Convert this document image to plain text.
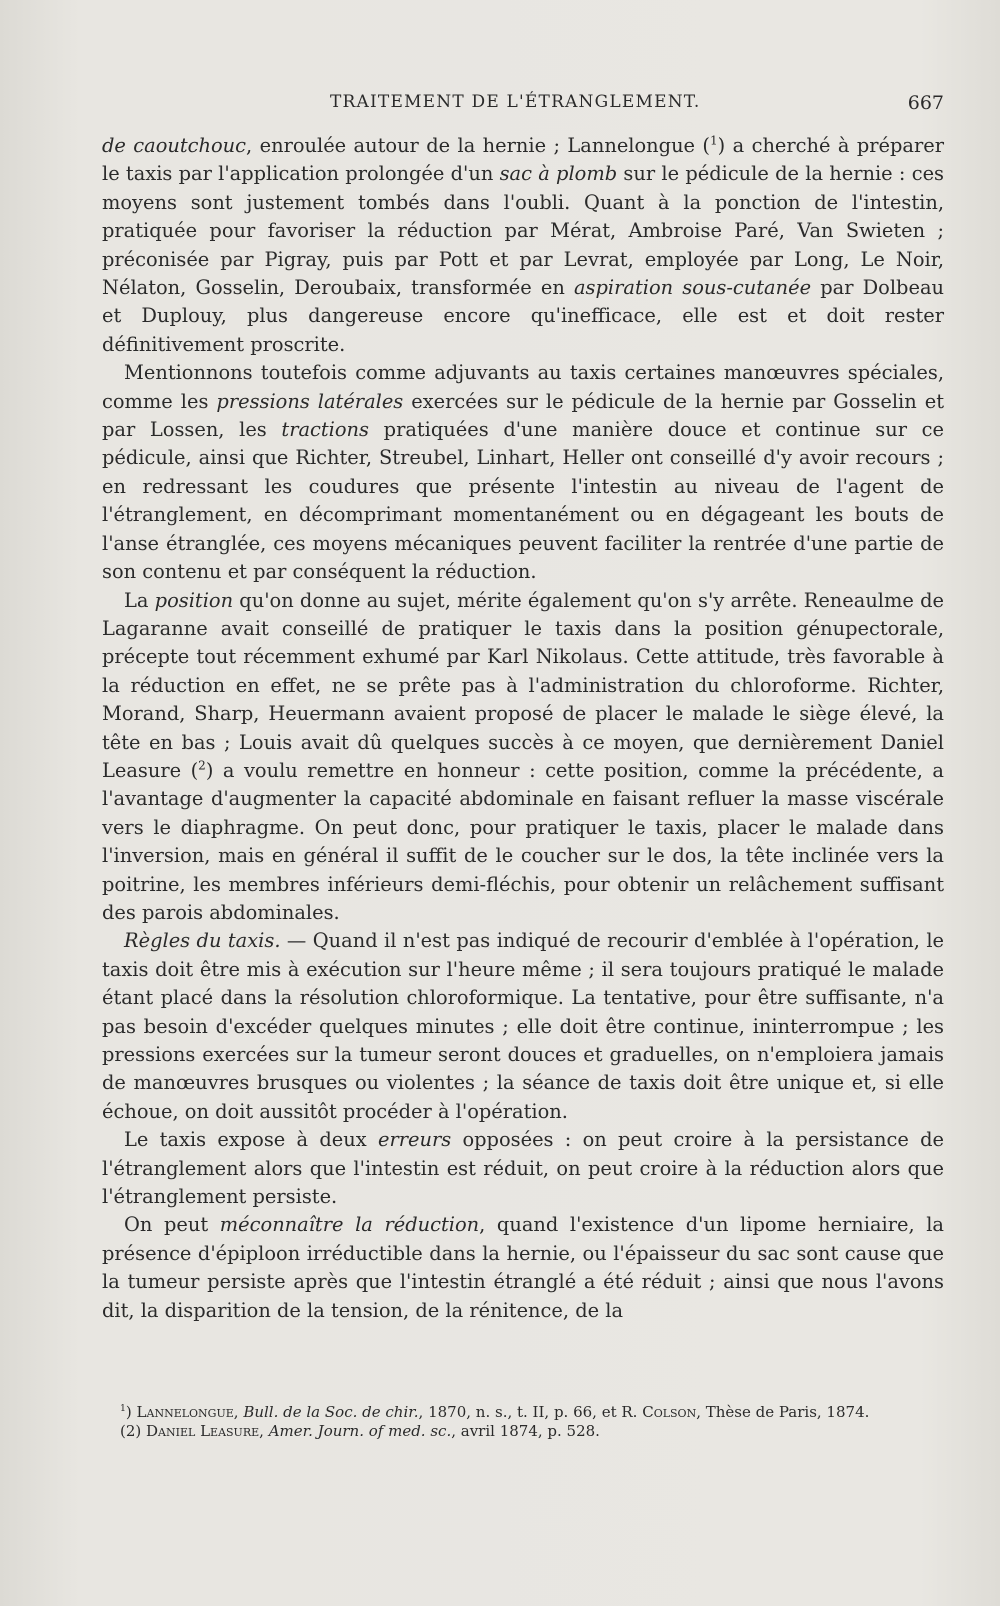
TRAITEMENT DE L'ÉTRANGLEMENT.	667

de caoutchouc, enroulée autour de la hernie ; Lannelongue ($^1$) a cherché à préparer le taxis par l'application prolongée d'un sac à plomb sur le pédicule de la hernie : ces moyens sont justement tombés dans l'oubli. Quant à la ponction de l'intestin, pratiquée pour favoriser la réduction par Mérat, Ambroise Paré, Van Swieten ; préconisée par Pigray, puis par Pott et par Levrat, employée par Long, Le Noir, Nélaton, Gosselin, Deroubaix, transformée en aspiration sous-cutanée par Dolbeau et Duplouy, plus dangereuse encore qu'inefficace, elle est et doit rester définitivement proscrite.

Mentionnons toutefois comme adjuvants au taxis certaines manœuvres spéciales, comme les pressions latérales exercées sur le pédicule de la hernie par Gosselin et par Lossen, les tractions pratiquées d'une manière douce et continue sur ce pédicule, ainsi que Richter, Streubel, Linhart, Heller ont conseillé d'y avoir recours ; en redressant les coudures que présente l'intestin au niveau de l'agent de l'étranglement, en décomprimant momentanément ou en dégageant les bouts de l'anse étranglée, ces moyens mécaniques peuvent faciliter la rentrée d'une partie de son contenu et par conséquent la réduction.

La position qu'on donne au sujet, mérite également qu'on s'y arrête. Reneaulme de Lagaranne avait conseillé de pratiquer le taxis dans la position génupectorale, précepte tout récemment exhumé par Karl Nikolaus. Cette attitude, très favorable à la réduction en effet, ne se prête pas à l'administration du chloroforme. Richter, Morand, Sharp, Heuermann avaient proposé de placer le malade le siège élevé, la tête en bas ; Louis avait dû quelques succès à ce moyen, que dernièrement Daniel Leasure ($^2$) a voulu remettre en honneur : cette position, comme la précédente, a l'avantage d'augmenter la capacité abdominale en faisant refluer la masse viscérale vers le diaphragme. On peut donc, pour pratiquer le taxis, placer le malade dans l'inversion, mais en général il suffit de le coucher sur le dos, la tête inclinée vers la poitrine, les membres inférieurs demi-fléchis, pour obtenir un relâchement suffisant des parois abdominales.

Règles du taxis. — Quand il n'est pas indiqué de recourir d'emblée à l'opération, le taxis doit être mis à exécution sur l'heure même ; il sera toujours pratiqué le malade étant placé dans la résolution chloroformique. La tentative, pour être suffisante, n'a pas besoin d'excéder quelques minutes ; elle doit être continue, ininterrompue ; les pressions exercées sur la tumeur seront douces et graduelles, on n'emploiera jamais de manœuvres brusques ou violentes ; la séance de taxis doit être unique et, si elle échoue, on doit aussitôt procéder à l'opération.

Le taxis expose à deux erreurs opposées : on peut croire à la persistance de l'étranglement alors que l'intestin est réduit, on peut croire à la réduction alors que l'étranglement persiste.

On peut méconnaître la réduction, quand l'existence d'un lipome herniaire, la présence d'épiploon irréductible dans la hernie, ou l'épaisseur du sac sont cause que la tumeur persiste après que l'intestin étranglé a été réduit ; ainsi que nous l'avons dit, la disparition de la tension, de la rénitence, de la

$^1$) Lannelongue, Bull. de la Soc. de chir., 1870, n. s., t. II, p. 66, et R. Colson, Thèse de Paris, 1874.

(2) Daniel Leasure, Amer. Journ. of med. sc., avril 1874, p. 528.
